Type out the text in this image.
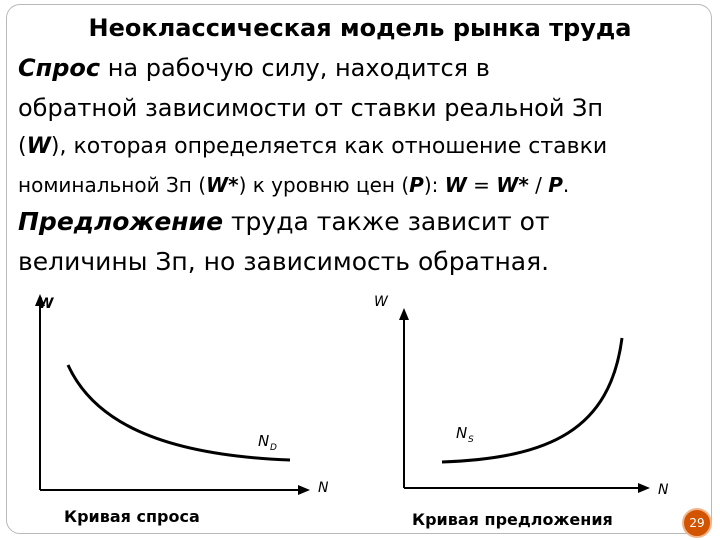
Неоклассическая модель рынка труда
Спрос на рабочую силу, находится в
обратной зависимости от ставки реальной Зп
(W), которая определяется как отношение ставки
номинальной Зп (W*) к уровню цен (P): W = W* / P.
Предложение труда также зависит от
величины Зп, но зависимость обратная.
W
N
N D
W
N
N S
Кривая спроса	Кривая предложения	29
